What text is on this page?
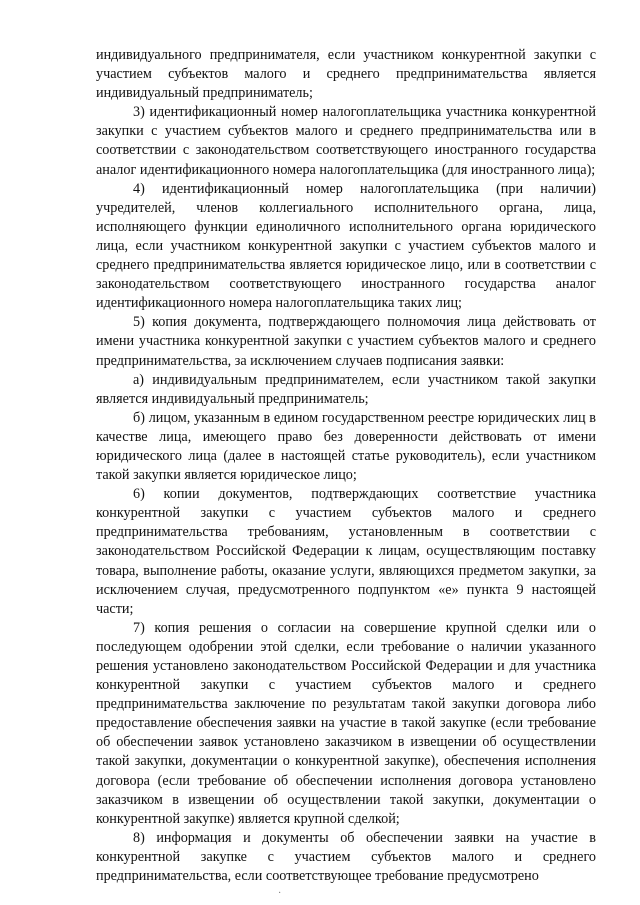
индивидуального предпринимателя, если участником конкурентной закупки с участием субъектов малого и среднего предпринимательства является индивидуальный предприниматель;

3) идентификационный номер налогоплательщика участника конкурентной закупки с участием субъектов малого и среднего предпринимательства или в соответствии с законодательством соответствующего иностранного государства аналог идентификационного номера налогоплательщика (для иностранного лица);

4) идентификационный номер налогоплательщика (при наличии) учредителей, членов коллегиального исполнительного органа, лица, исполняющего функции единоличного исполнительного органа юридического лица, если участником конкурентной закупки с участием субъектов малого и среднего предпринимательства является юридическое лицо, или в соответствии с законодательством соответствующего иностранного государства аналог идентификационного номера налогоплательщика таких лиц;

5) копия документа, подтверждающего полномочия лица действовать от имени участника конкурентной закупки с участием субъектов малого и среднего предпринимательства, за исключением случаев подписания заявки:

а) индивидуальным предпринимателем, если участником такой закупки является индивидуальный предприниматель;

б) лицом, указанным в едином государственном реестре юридических лиц в качестве лица, имеющего право без доверенности действовать от имени юридического лица (далее в настоящей статье руководитель), если участником такой закупки является юридическое лицо;

6) копии документов, подтверждающих соответствие участника конкурентной закупки с участием субъектов малого и среднего предпринимательства требованиям, установленным в соответствии с законодательством Российской Федерации к лицам, осуществляющим поставку товара, выполнение работы, оказание услуги, являющихся предметом закупки, за исключением случая, предусмотренного подпунктом «е» пункта 9 настоящей части;

7) копия решения о согласии на совершение крупной сделки или о последующем одобрении этой сделки, если требование о наличии указанного решения установлено законодательством Российской Федерации и для участника конкурентной закупки с участием субъектов малого и среднего предпринимательства заключение по результатам такой закупки договора либо предоставление обеспечения заявки на участие в такой закупке (если требование об обеспечении заявок установлено заказчиком в извещении об осуществлении такой закупки, документации о конкурентной закупке), обеспечения исполнения договора (если требование об обеспечении исполнения договора установлено заказчиком в извещении об осуществлении такой закупки, документации о конкурентной закупке) является крупной сделкой;

8) информация и документы об обеспечении заявки на участие в конкурентной закупке с участием субъектов малого и среднего предпринимательства, если соответствующее требование предусмотрено

·
